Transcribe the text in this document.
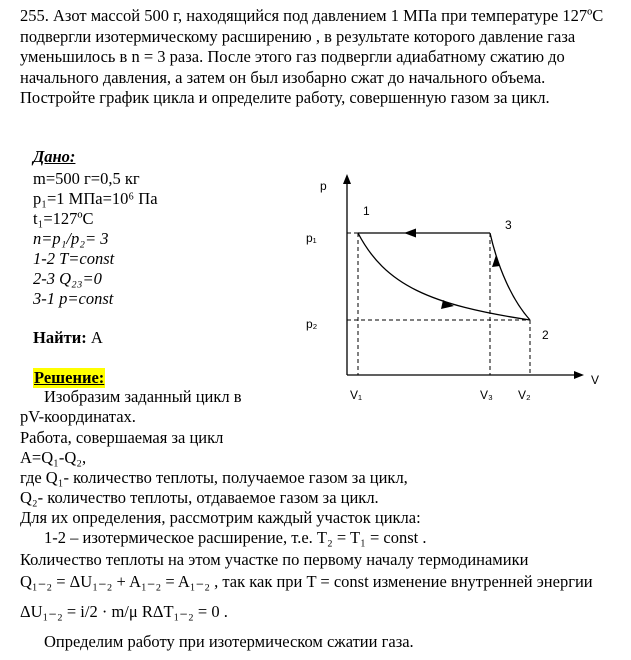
255. Азот массой 500 г, находящийся под давлением 1 МПа при температуре 127ºС подвергли изотермическому расширению , в результате которого давление газа уменьшилось в n = 3 раза. После этого газ подвергли адиабатному сжатию до начального давления, а затем он был изобарно сжат до начального объема. Постройте график цикла и определите работу, совершенную газом за цикл.
Дано:
m=500 г=0,5 кг
p₁=1 МПа=10⁶ Па
t₁=127ºC
n=p₁/p₂= 3
1-2 T=const
2-3 Q₂₃=0
3-1 p=const
Найти: А
Решение:
Изобразим заданный цикл в
pV-координатах.
Работа, совершаемая за цикл
А=Q₁-Q₂,
где Q₁- количество теплоты, получаемое газом за цикл,
Q₂- количество теплоты, отдаваемое газом за цикл.
Для их определения, рассмотрим каждый участок цикла:
1-2 – изотермическое расширение, т.е. T₂ = T₁ = const .
Количество теплоты на этом участке по первому началу термодинамики
Q₁₋₂ = ΔU₁₋₂ + A₁₋₂ = A₁₋₂ , так как при T = const изменение внутренней энергии
ΔU₁₋₂ = i/2 · m/μ RΔT₁₋₂ = 0 .
Определим работу при изотермическом сжатии газа.
p
V
p₁
p₂
V₁	V₃ V₂
1
3
2
